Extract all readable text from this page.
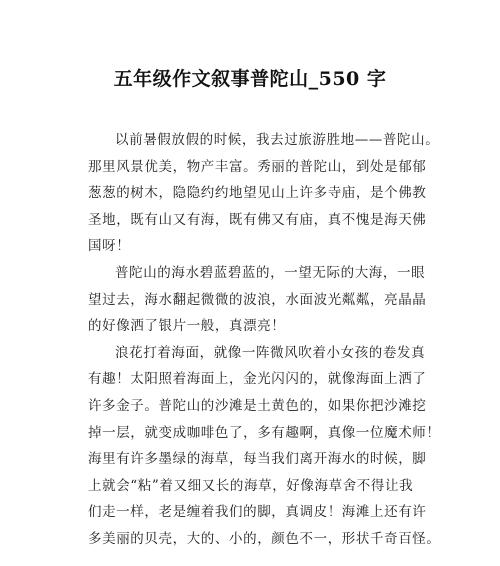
五年级作文叙事普陀山_550 字
以前暑假放假的时候，我去过旅游胜地——普陀山。
那里风景优美，物产丰富。秀丽的普陀山，到处是郁郁
葱葱的树木，隐隐约约地望见山上许多寺庙，是个佛教
圣地，既有山又有海，既有佛又有庙，真不愧是海天佛
国呀！
普陀山的海水碧蓝碧蓝的，一望无际的大海，一眼
望过去，海水翻起微微的波浪，水面波光粼粼，亮晶晶
的好像洒了银片一般，真漂亮！
浪花打着海面，就像一阵微风吹着小女孩的卷发真
有趣！太阳照着海面上，金光闪闪的，就像海面上洒了
许多金子。普陀山的沙滩是土黄色的，如果你把沙滩挖
掉一层，就变成咖啡色了，多有趣啊，真像一位魔术师！
海里有许多墨绿的海草，每当我们离开海水的时候，脚
上就会“粘”着又细又长的海草，好像海草舍不得让我
们走一样，老是缠着我们的脚，真调皮！海滩上还有许
多美丽的贝壳，大的、小的，颜色不一，形状千奇百怪。
